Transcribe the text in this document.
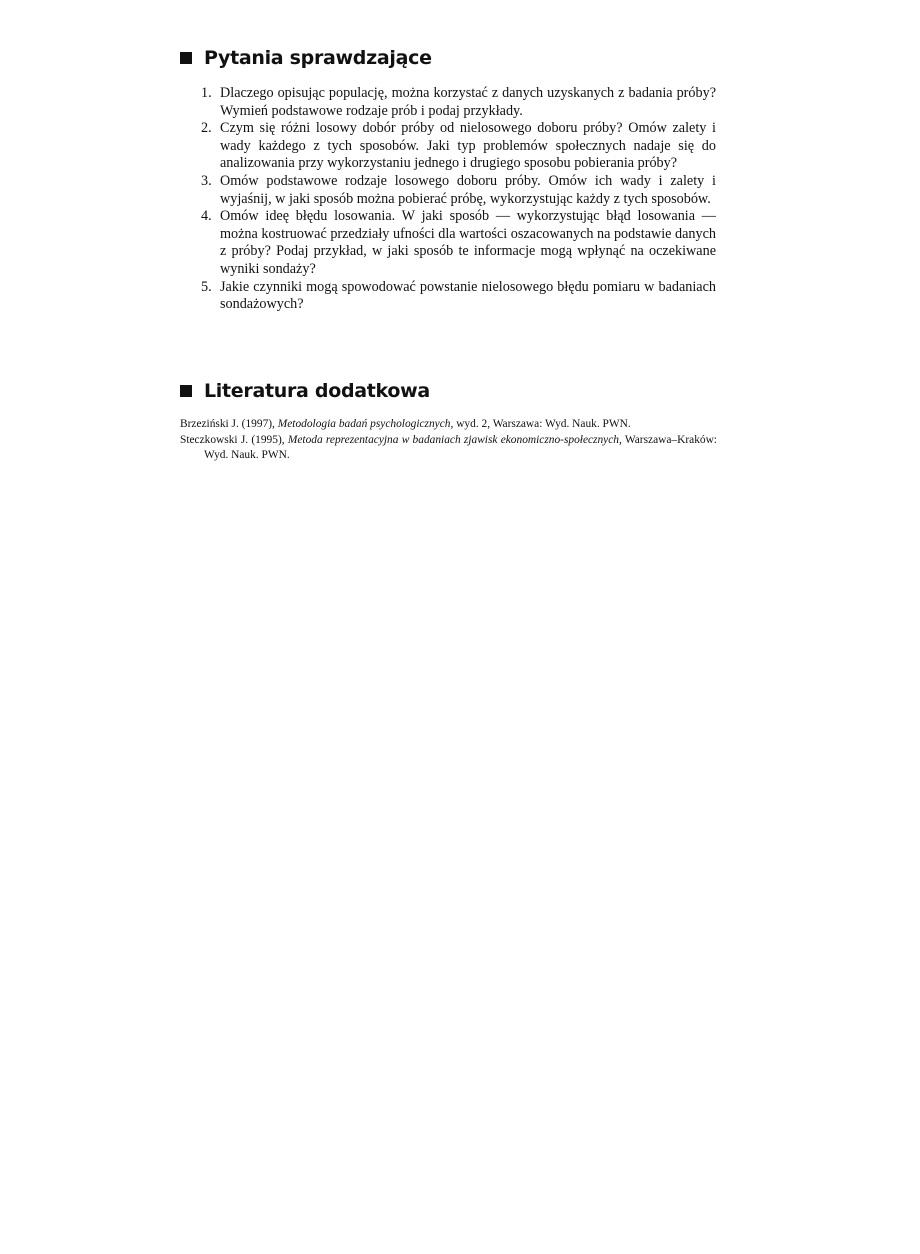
Pytania sprawdzające
1. Dlaczego opisując populację, można korzystać z danych uzyskanych z badania próby? Wymień podstawowe rodzaje prób i podaj przykłady.
2. Czym się różni losowy dobór próby od nielosowego doboru próby? Omów zalety i wady każdego z tych sposobów. Jaki typ problemów społecznych nadaje się do analizowania przy wykorzystaniu jednego i drugiego sposobu pobierania próby?
3. Omów podstawowe rodzaje losowego doboru próby. Omów ich wady i zalety i wyjaśnij, w jaki sposób można pobierać próbę, wykorzystując każdy z tych sposobów.
4. Omów ideę błędu losowania. W jaki sposób — wykorzystując błąd losowania — można kostruować przedziały ufności dla wartości oszacowanych na podstawie danych z próby? Podaj przykład, w jaki sposób te informacje mogą wpłynąć na oczekiwane wyniki sondaży?
5. Jakie czynniki mogą spowodować powstanie nielosowego błędu pomiaru w badaniach sondażowych?
Literatura dodatkowa

Brzeziński J. (1997), Metodologia badań psychologicznych, wyd. 2, Warszawa: Wyd. Nauk. PWN.

Steczkowski J. (1995), Metoda reprezentacyjna w badaniach zjawisk ekonomiczno-społecznych, Warszawa–Kraków: Wyd. Nauk. PWN.
